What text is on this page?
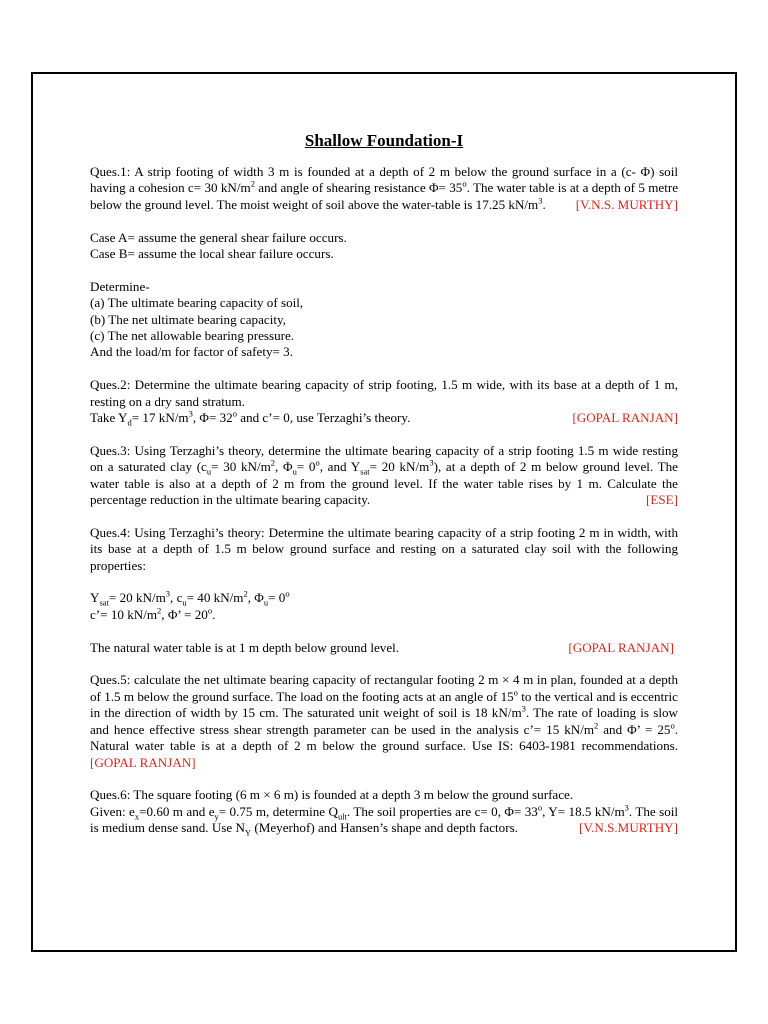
Shallow Foundation-I

Ques.1: A strip footing of width 3 m is founded at a depth of 2 m below the ground surface in a (c- Φ) soil having a cohesion c= 30 $kN/m^2$ and angle of shearing resistance $\Phi= 35^o$. The water table is at a depth of 5 metre below the ground level. The moist weight of soil above the water-table is 17.25 $kN/m^3$. [V.N.S. MURTHY]

Case A= assume the general shear failure occurs.

Case B= assume the local shear failure occurs.

Determine-

(a) The ultimate bearing capacity of soil,

(b) The net ultimate bearing capacity,

(c) The net allowable bearing pressure.

And the load/m for factor of safety= 3.

Ques.2: Determine the ultimate bearing capacity of strip footing, 1.5 m wide, with its base at a depth of 1 m, resting on a dry sand stratum.

Take $Y_d= 17$ $kN/m^3$, $\Phi= 32^o$ and c’= 0, use Terzaghi’s theory.	[GOPAL RANJAN]

Ques.3: Using Terzaghi’s theory, determine the ultimate bearing capacity of a strip footing 1.5 m wide resting on a saturated clay ($c_u= 30$ $kN/m^2$, $\Phi_u= 0^o$, and $Y_{sat}= 20$ $kN/m^3$), at a depth of 2 m below ground level. The water table is also at a depth of 2 m from the ground level. If the water table rises by 1 m. Calculate the percentage reduction in the ultimate bearing capacity.	[ESE]

Ques.4: Using Terzaghi’s theory: Determine the ultimate bearing capacity of a strip footing 2 m in width, with its base at a depth of 1.5 m below ground surface and resting on a saturated clay soil with the following properties:

$Y_{sat}= 20$ $kN/m^3$, $c_u= 40$ $kN/m^2$, $\Phi_u= 0^o$

c’= 10 $kN/m^2$, Φ’ = $20^o$.

The natural water table is at 1 m depth below ground level.	[GOPAL RANJAN]

Ques.5: calculate the net ultimate bearing capacity of rectangular footing 2 m × 4 m in plan, founded at a depth of 1.5 m below the ground surface. The load on the footing acts at an angle of 15$^o$ to the vertical and is eccentric in the direction of width by 15 cm. The saturated unit weight of soil is 18 $kN/m^3$. The rate of loading is slow and hence effective stress shear strength parameter can be used in the analysis c’= 15 $kN/m^2$ and Φ’ = $25^o$. Natural water table is at a depth of 2 m below the ground surface. Use IS: 6403-1981 recommendations. [GOPAL RANJAN]

Ques.6: The square footing (6 m × 6 m) is founded at a depth 3 m below the ground surface.

Given: $e_x=0.60$ m and $e_y= 0.75$ m, determine $Q_{ult}$. The soil properties are c= 0, $\Phi= 33^o$, Y= 18.5 $kN/m^3$. The soil is medium dense sand. Use $N_Y$ (Meyerhof) and Hansen’s shape and depth factors.	[V.N.S.MURTHY]
